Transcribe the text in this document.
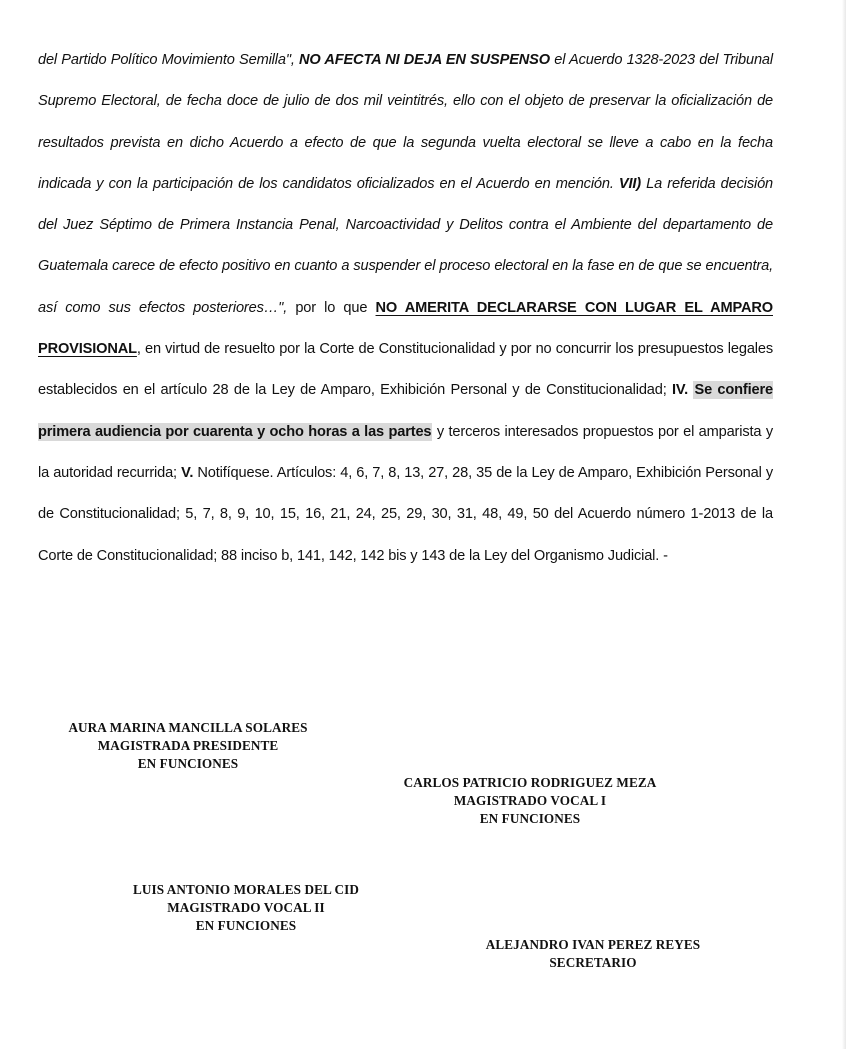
del Partido Político Movimiento Semilla", NO AFECTA NI DEJA EN SUSPENSO el Acuerdo 1328-2023 del Tribunal Supremo Electoral, de fecha doce de julio de dos mil veintitrés, ello con el objeto de preservar la oficialización de resultados prevista en dicho Acuerdo a efecto de que la segunda vuelta electoral se lleve a cabo en la fecha indicada y con la participación de los candidatos oficializados en el Acuerdo en mención. VII) La referida decisión del Juez Séptimo de Primera Instancia Penal, Narcoactividad y Delitos contra el Ambiente del departamento de Guatemala carece de efecto positivo en cuanto a suspender el proceso electoral en la fase en de que se encuentra, así como sus efectos posteriores…", por lo que NO AMERITA DECLARARSE CON LUGAR EL AMPARO PROVISIONAL, en virtud de resuelto por la Corte de Constitucionalidad y por no concurrir los presupuestos legales establecidos en el artículo 28 de la Ley de Amparo, Exhibición Personal y de Constitucionalidad; IV. Se confiere primera audiencia por cuarenta y ocho horas a las partes y terceros interesados propuestos por el amparista y la autoridad recurrida; V. Notifíquese. Artículos: 4, 6, 7, 8, 13, 27, 28, 35 de la Ley de Amparo, Exhibición Personal y de Constitucionalidad; 5, 7, 8, 9, 10, 15, 16, 21, 24, 25, 29, 30, 31, 48, 49, 50 del Acuerdo número 1-2013 de la Corte de Constitucionalidad; 88 inciso b, 141, 142, 142 bis y 143 de la Ley del Organismo Judicial. -
AURA MARINA MANCILLA SOLARES
MAGISTRADA PRESIDENTE
EN FUNCIONES
CARLOS PATRICIO RODRIGUEZ MEZA
MAGISTRADO VOCAL I
EN FUNCIONES
LUIS ANTONIO MORALES DEL CID
MAGISTRADO VOCAL II
EN FUNCIONES
ALEJANDRO IVAN PEREZ REYES
SECRETARIO
